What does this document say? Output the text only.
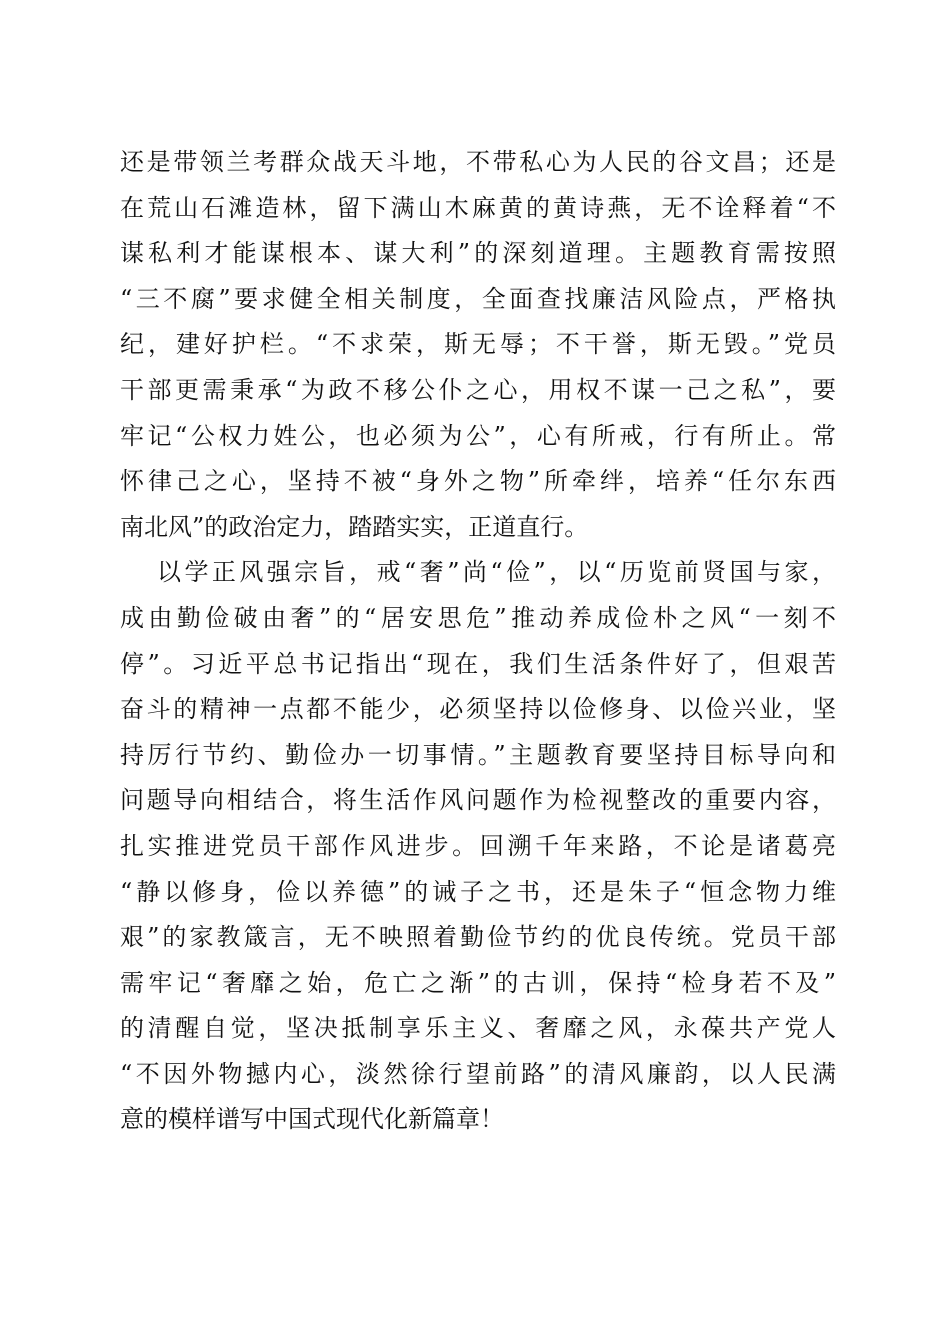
还是带领兰考群众战天斗地，不带私心为人民的谷文昌；还是
在荒山石滩造林，留下满山木麻黄的黄诗燕，无不诠释着“不
谋私利才能谋根本、谋大利”的深刻道理。主题教育需按照
“三不腐”要求健全相关制度，全面查找廉洁风险点，严格执
纪，建好护栏。“不求荣，斯无辱；不干誉，斯无毁。”党员
干部更需秉承“为政不移公仆之心，用权不谋一己之私”，要
牢记“公权力姓公，也必须为公”，心有所戒，行有所止。常
怀律己之心，坚持不被“身外之物”所牵绊，培养“任尔东西
南北风”的政治定力，踏踏实实，正道直行。
以学正风强宗旨，戒“奢”尚“俭”，以“历览前贤国与家，
成由勤俭破由奢”的“居安思危”推动养成俭朴之风“一刻不
停”。习近平总书记指出“现在，我们生活条件好了，但艰苦
奋斗的精神一点都不能少，必须坚持以俭修身、以俭兴业，坚
持厉行节约、勤俭办一切事情。”主题教育要坚持目标导向和
问题导向相结合，将生活作风问题作为检视整改的重要内容，
扎实推进党员干部作风进步。回溯千年来路，不论是诸葛亮
“静以修身，俭以养德”的诫子之书，还是朱子“恒念物力维
艰”的家教箴言，无不映照着勤俭节约的优良传统。党员干部
需牢记“奢靡之始，危亡之渐”的古训，保持“检身若不及”
的清醒自觉，坚决抵制享乐主义、奢靡之风，永葆共产党人
“不因外物撼内心，淡然徐行望前路”的清风廉韵，以人民满
意的模样谱写中国式现代化新篇章！
